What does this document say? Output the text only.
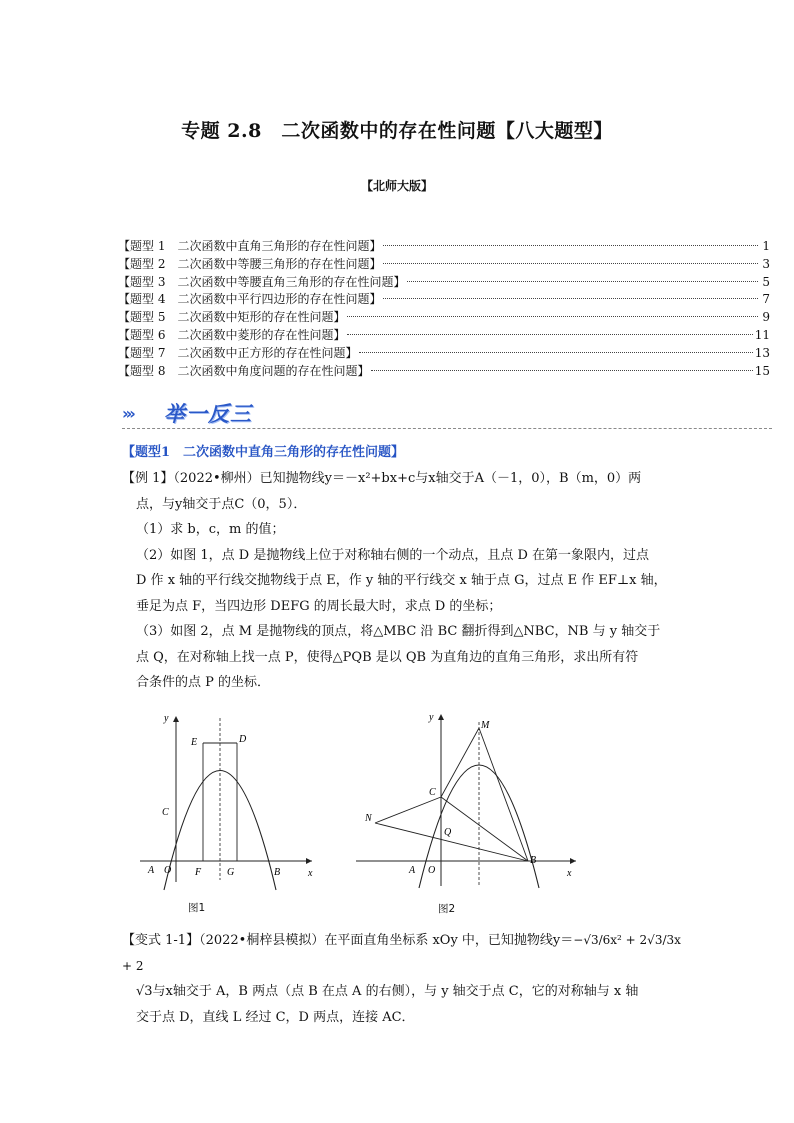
专题 2.8　二次函数中的存在性问题【八大题型】
【北师大版】
【题型 1　二次函数中直角三角形的存在性问题】	1
【题型 2　二次函数中等腰三角形的存在性问题】	3
【题型 3　二次函数中等腰直角三角形的存在性问题】	5
【题型 4　二次函数中平行四边形的存在性问题】	7
【题型 5　二次函数中矩形的存在性问题】	9
【题型 6　二次函数中菱形的存在性问题】	11
【题型 7　二次函数中正方形的存在性问题】	13
【题型 8　二次函数中角度问题的存在性问题】	15
››› 举一反三
【题型1　二次函数中直角三角形的存在性问题】

【例 1】（2022•柳州）已知抛物线y＝－x²+bx+c与x轴交于A（－1，0），B（m，0）两

点，与y轴交于点C（0，5）．

（1）求 b，c，m 的值；

（2）如图 1，点 D 是抛物线上位于对称轴右侧的一个动点，且点 D 在第一象限内，过点

D 作 x 轴的平行线交抛物线于点 E，作 y 轴的平行线交 x 轴于点 G，过点 E 作 EF⊥x 轴，

垂足为点 F，当四边形 DEFG 的周长最大时，求点 D 的坐标；

（3）如图 2，点 M 是抛物线的顶点，将△MBC 沿 BC 翻折得到△NBC，NB 与 y 轴交于

点 Q，在对称轴上找一点 P，使得△PQB 是以 QB 为直角边的直角三角形，求出所有符

合条件的点 P 的坐标．

y
x
A O F	G	B
C
E	D
图1
y
x
A O
B
C
M
N
Q
图2

【变式 1-1】（2022•桐梓县模拟）在平面直角坐标系 xOy 中，已知抛物线y＝−√3/6x² + 2√3/3x + 2

√3与x轴交于 A，B 两点（点 B 在点 A 的右侧），与 y 轴交于点 C，它的对称轴与 x 轴

交于点 D，直线 L 经过 C，D 两点，连接 AC．
